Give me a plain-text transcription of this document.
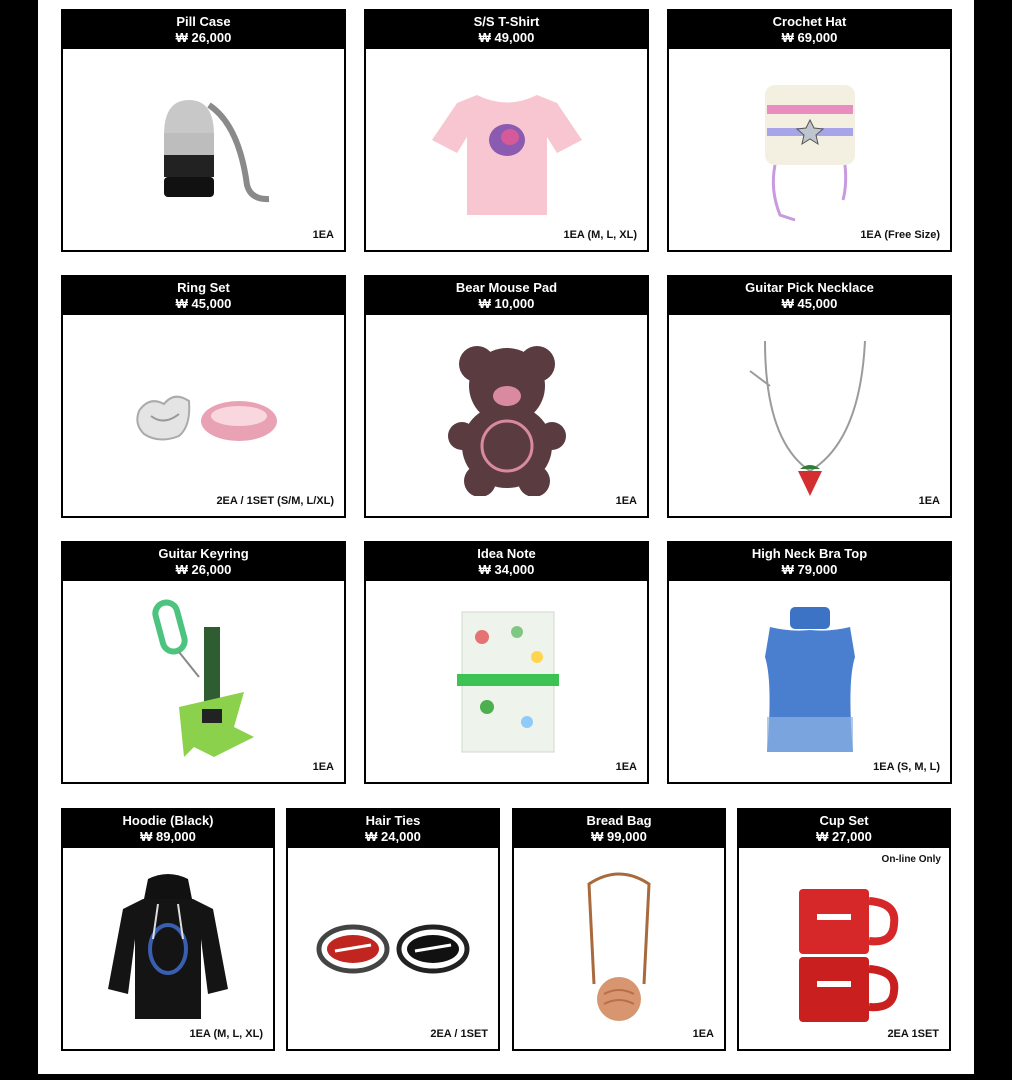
Pill Case
₩ 26,000
1EA
S/S T-Shirt
₩ 49,000
1EA (M, L, XL)
Crochet Hat
₩ 69,000
1EA (Free Size)
Ring Set
₩ 45,000
2EA / 1SET (S/M, L/XL)
Bear Mouse Pad
₩ 10,000
1EA
Guitar Pick Necklace
₩ 45,000
1EA
Guitar Keyring
₩ 26,000
1EA
Idea Note
₩ 34,000
1EA
High Neck Bra Top
₩ 79,000
1EA (S, M, L)
Hoodie (Black)
₩ 89,000
1EA (M, L, XL)
Hair Ties
₩ 24,000
2EA / 1SET
Bread Bag
₩ 99,000
1EA
Cup Set
₩ 27,000
On-line Only
2EA 1SET
